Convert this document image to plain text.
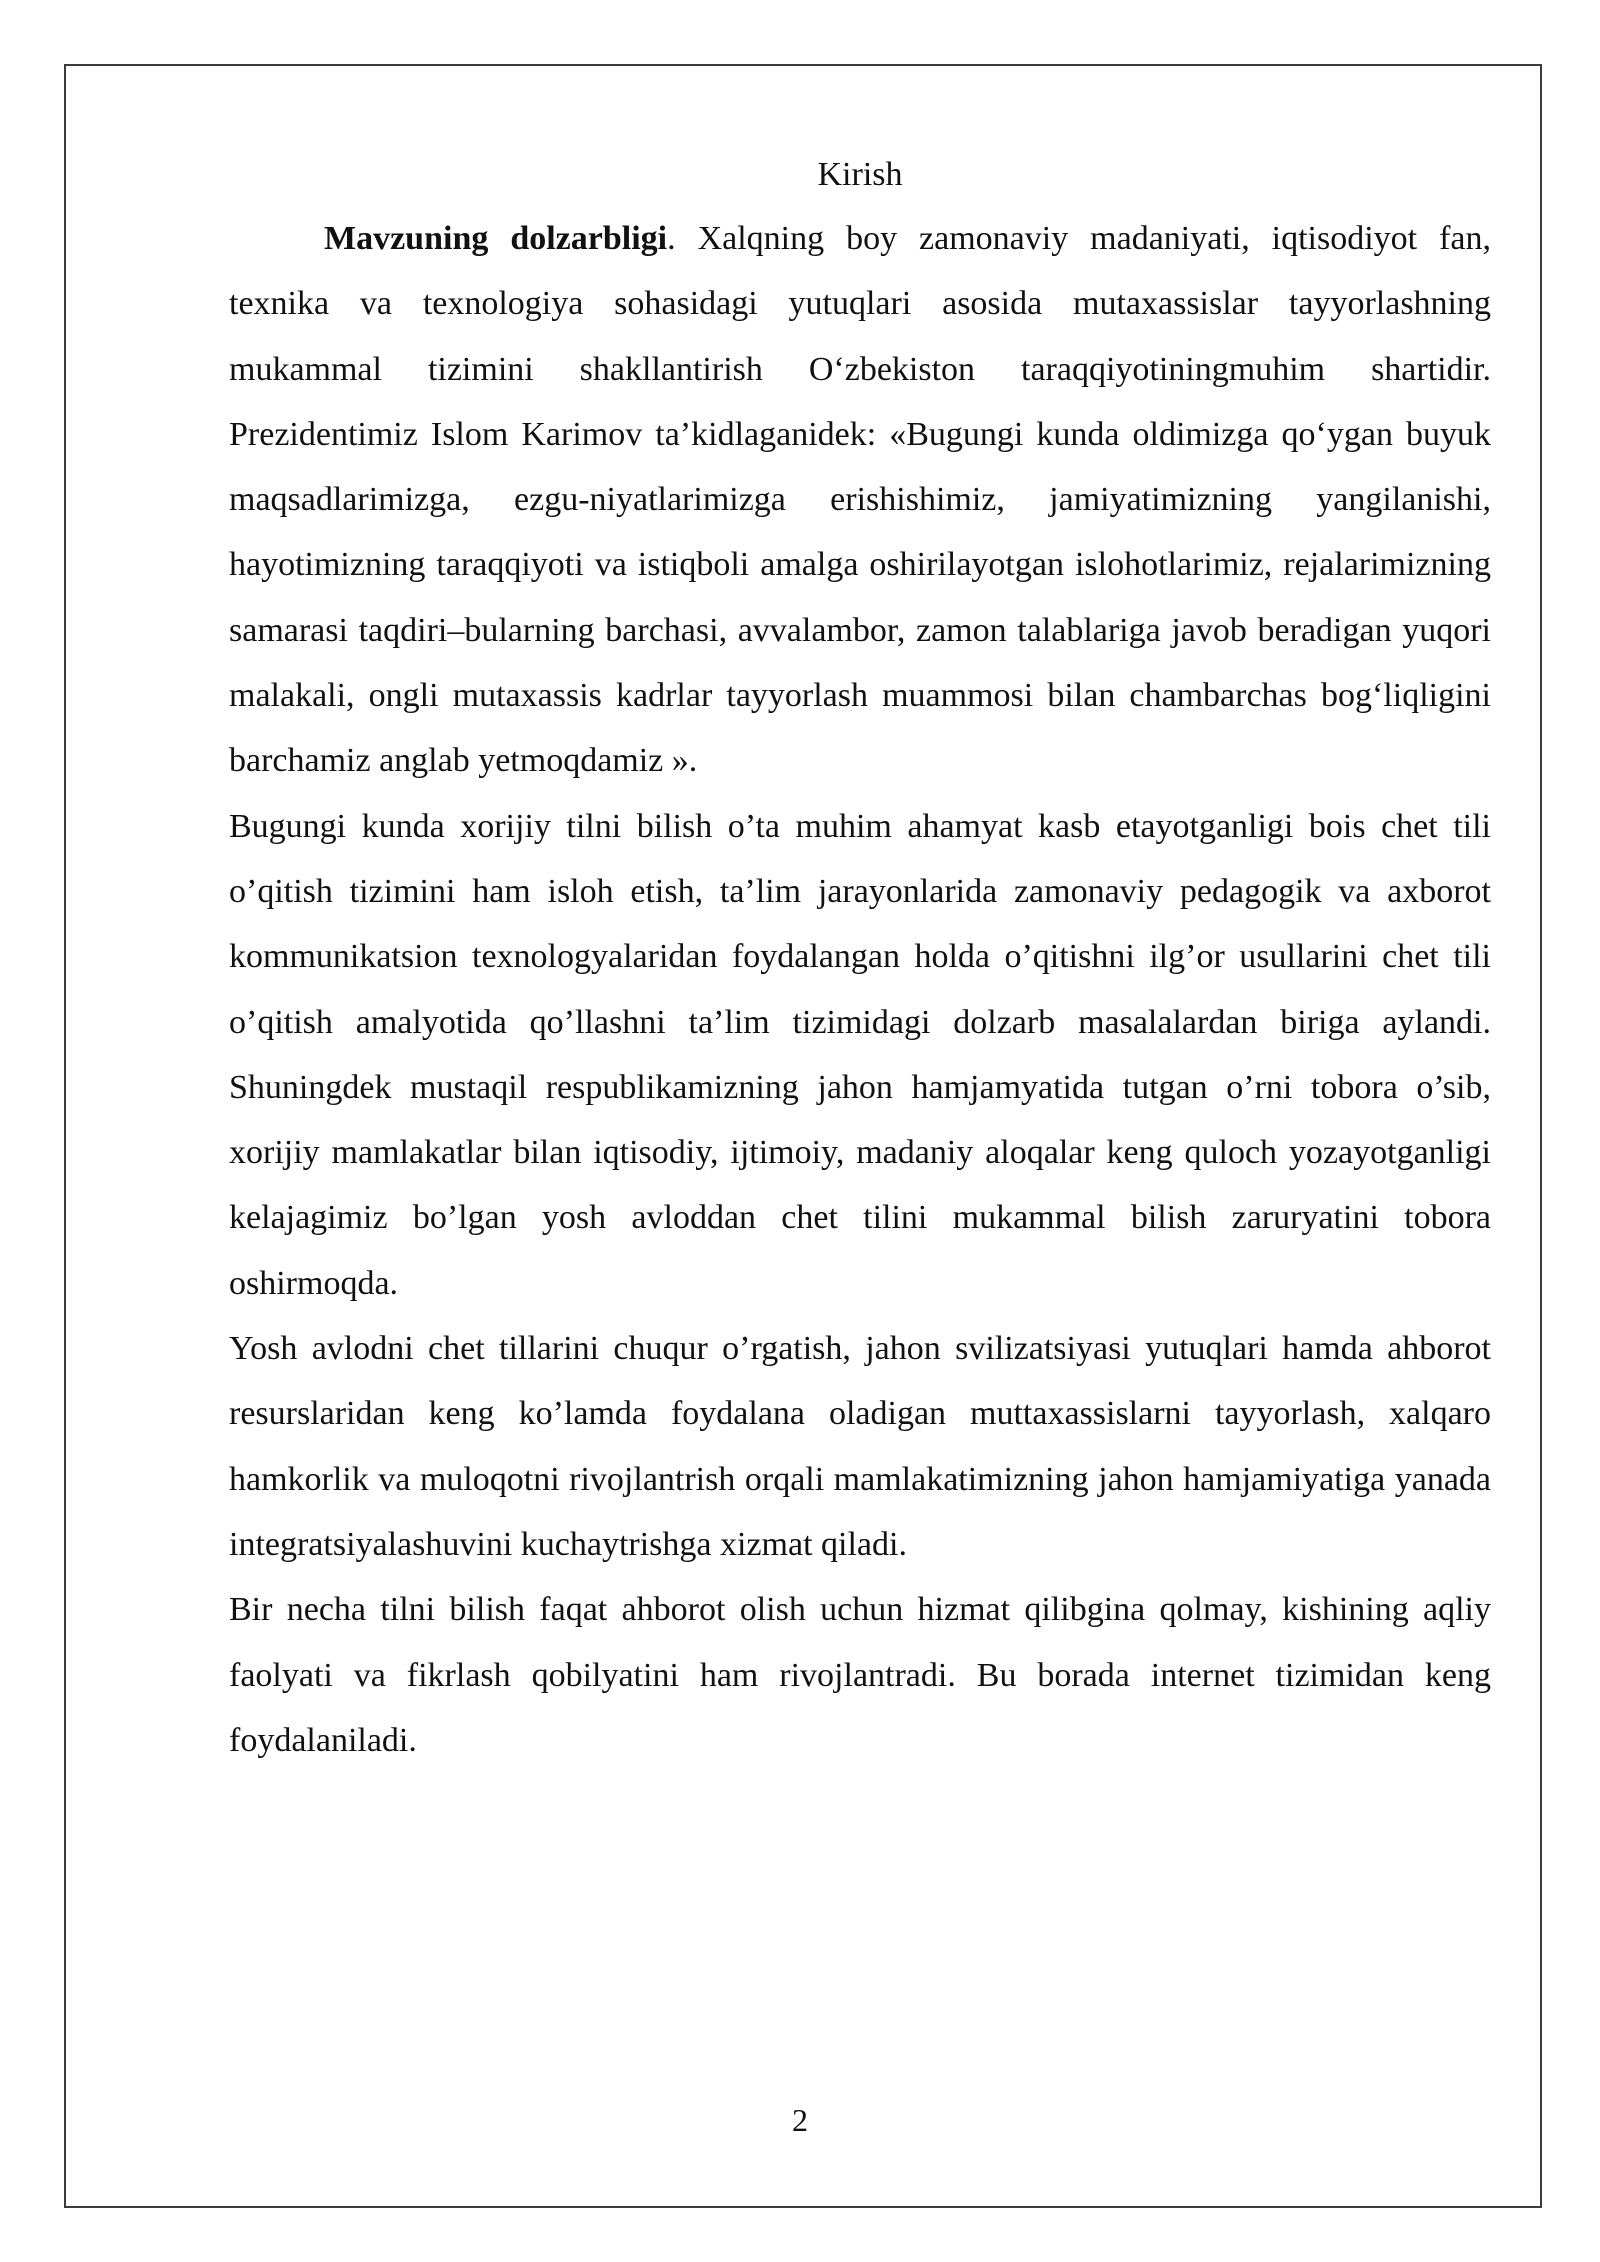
Kirish

Mavzuning dolzarbligi. Xalqning boy zamonaviy madaniyati, iqtisodiyot fan, texnika va texnologiya sohasidagi yutuqlari asosida mutaxassislar tayyorlashning mukammal tizimini shakllantirish O‘zbekiston taraqqiyotiningmuhim shartidir. Prezidentimiz Islom Karimov ta’kidlaganidek: «Bugungi kunda oldimizga qo‘ygan buyuk maqsadlarimizga, ezgu-niyatlarimizga erishishimiz, jamiyatimizning yangilanishi, hayotimizning taraqqiyoti va istiqboli amalga oshirilayotgan islohotlarimiz, rejalarimizning samarasi taqdiri–bularning barchasi, avvalambor, zamon talablariga javob beradigan yuqori malakali, ongli mutaxassis kadrlar tayyorlash muammosi bilan chambarchas bog‘liqligini barchamiz anglab yetmoqdamiz ».

Bugungi kunda xorijiy tilni bilish o’ta muhim ahamyat kasb etayotganligi bois chet tili o’qitish tizimini ham isloh etish, ta’lim jarayonlarida zamonaviy pedagogik va axborot kommunikatsion texnologyalaridan foydalangan holda o’qitishni ilg’or usullarini chet tili o’qitish amalyotida qo’llashni ta’lim tizimidagi dolzarb masalalardan biriga aylandi. Shuningdek mustaqil respublikamizning jahon hamjamyatida tutgan o’rni tobora o’sib, xorijiy mamlakatlar bilan iqtisodiy, ijtimoiy, madaniy aloqalar keng quloch yozayotganligi kelajagimiz bo’lgan yosh avloddan chet tilini mukammal bilish zaruryatini tobora oshirmoqda.

Yosh avlodni chet tillarini chuqur o’rgatish, jahon svilizatsiyasi yutuqlari hamda ahborot resurslaridan keng ko’lamda foydalana oladigan muttaxassislarni tayyorlash, xalqaro hamkorlik va muloqotni rivojlantrish orqali mamlakatimizning jahon hamjamiyatiga yanada integratsiyalashuvini kuchaytrishga xizmat qiladi.

Bir necha tilni bilish faqat ahborot olish uchun hizmat qilibgina qolmay, kishining aqliy faolyati va fikrlash qobilyatini ham rivojlantradi. Bu borada internet tizimidan keng foydalaniladi.

2
